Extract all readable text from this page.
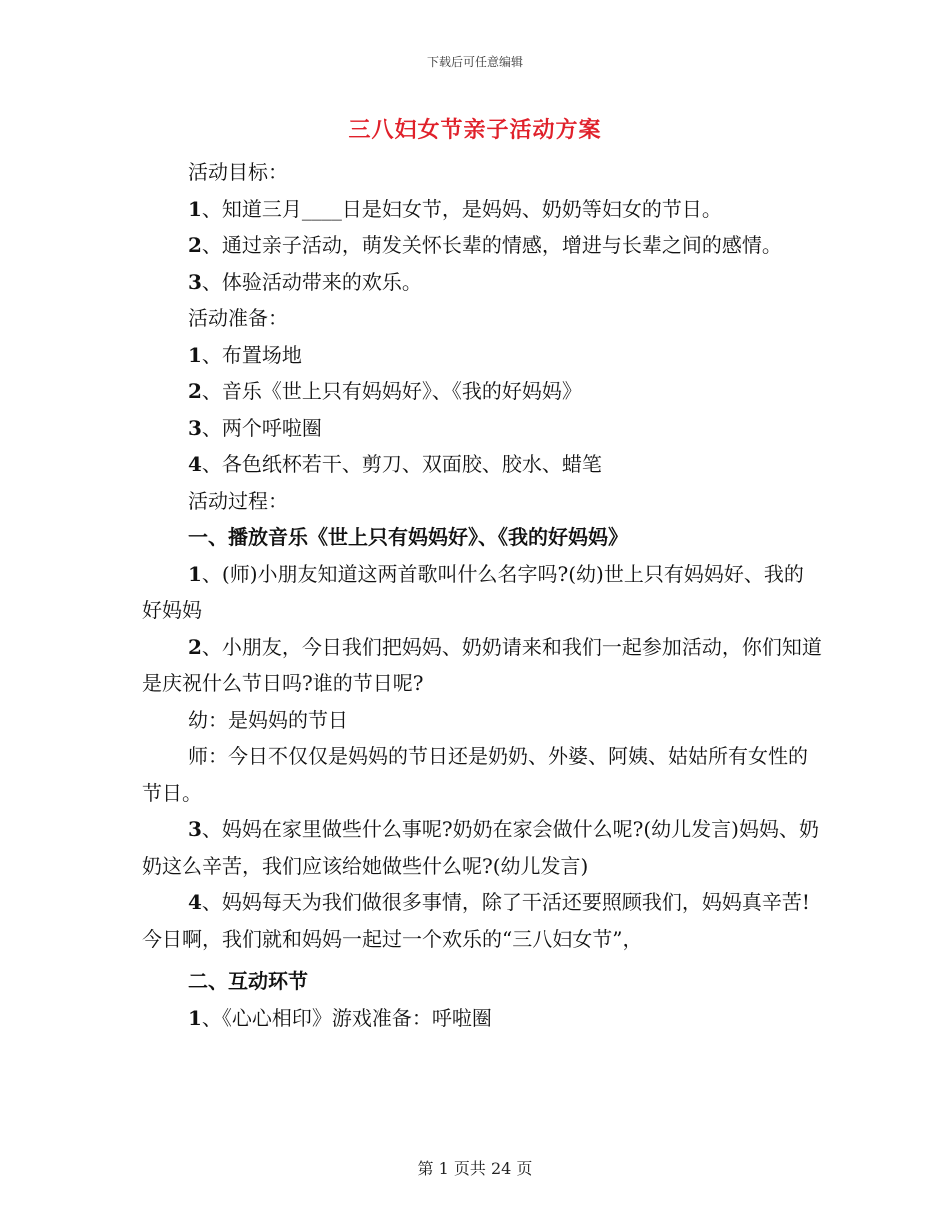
下载后可任意编辑
三八妇女节亲子活动方案

活动目标：

1、知道三月____日是妇女节，是妈妈、奶奶等妇女的节日。

2、通过亲子活动，萌发关怀长辈的情感，增进与长辈之间的感情。

3、体验活动带来的欢乐。

活动准备：

1、布置场地

2、音乐《世上只有妈妈好》、《我的好妈妈》

3、两个呼啦圈

4、各色纸杯若干、剪刀、双面胶、胶水、蜡笔

活动过程：

一、播放音乐《世上只有妈妈好》、《我的好妈妈》

1、(师)小朋友知道这两首歌叫什么名字吗?(幼)世上只有妈妈好、我的好妈妈

2、小朋友，今日我们把妈妈、奶奶请来和我们一起参加活动，你们知道是庆祝什么节日吗?谁的节日呢?

幼：是妈妈的节日

师：今日不仅仅是妈妈的节日还是奶奶、外婆、阿姨、姑姑所有女性的节日。

3、妈妈在家里做些什么事呢?奶奶在家会做什么呢?(幼儿发言)妈妈、奶奶这么辛苦，我们应该给她做些什么呢?(幼儿发言)

4、妈妈每天为我们做很多事情，除了干活还要照顾我们，妈妈真辛苦!今日啊，我们就和妈妈一起过一个欢乐的“三八妇女节”，

二、互动环节

1、《心心相印》游戏准备：呼啦圈

第 1 页共 24 页
